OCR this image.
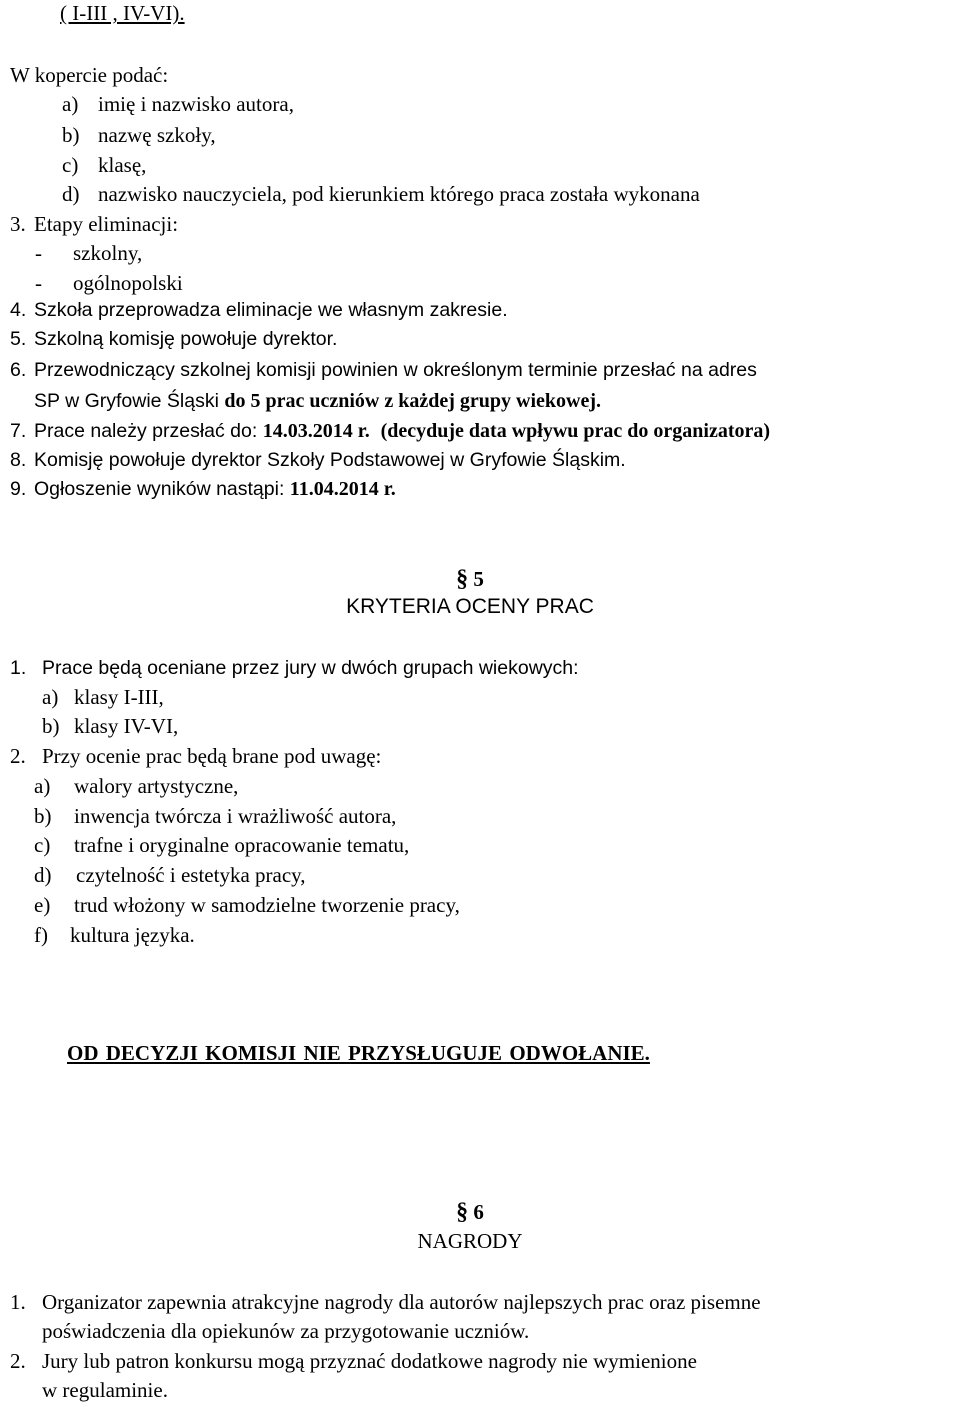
( I-III , IV-VI).
W kopercie podać:
a) imię i nazwisko autora,
b) nazwę szkoły,
c) klasę,
d) nazwisko nauczyciela, pod kierunkiem którego praca została wykonana
3. Etapy eliminacji:
- szkolny,
- ogólnopolski
4. Szkoła przeprowadza eliminacje we własnym zakresie.
5. Szkolną komisję powołuje dyrektor.
6. Przewodniczący szkolnej komisji powinien w określonym terminie przesłać na adres
SP w Gryfowie Śląski do 5 prac uczniów z każdej grupy wiekowej.
7. Prace należy przesłać do: 14.03.2014 r. (decyduje data wpływu prac do organizatora)
8. Komisję powołuje dyrektor Szkoły Podstawowej w Gryfowie Śląskim.
9. Ogłoszenie wyników nastąpi: 11.04.2014 r.
§ 5
KRYTERIA OCENY PRAC
1. Prace będą oceniane przez jury w dwóch grupach wiekowych:
a) klasy I-III,
b) klasy IV-VI,
2. Przy ocenie prac będą brane pod uwagę:
a) walory artystyczne,
b) inwencja twórcza i wrażliwość autora,
c) trafne i oryginalne opracowanie tematu,
d) czytelność i estetyka pracy,
e) trud włożony w samodzielne tworzenie pracy,
f) kultura języka.
OD DECYZJI KOMISJI NIE PRZYSŁUGUJE ODWOŁANIE.
§ 6
NAGRODY
1. Organizator zapewnia atrakcyjne nagrody dla autorów najlepszych prac oraz pisemne
poświadczenia dla opiekunów za przygotowanie uczniów.
2. Jury lub patron konkursu mogą przyznać dodatkowe nagrody nie wymienione
w regulaminie.
